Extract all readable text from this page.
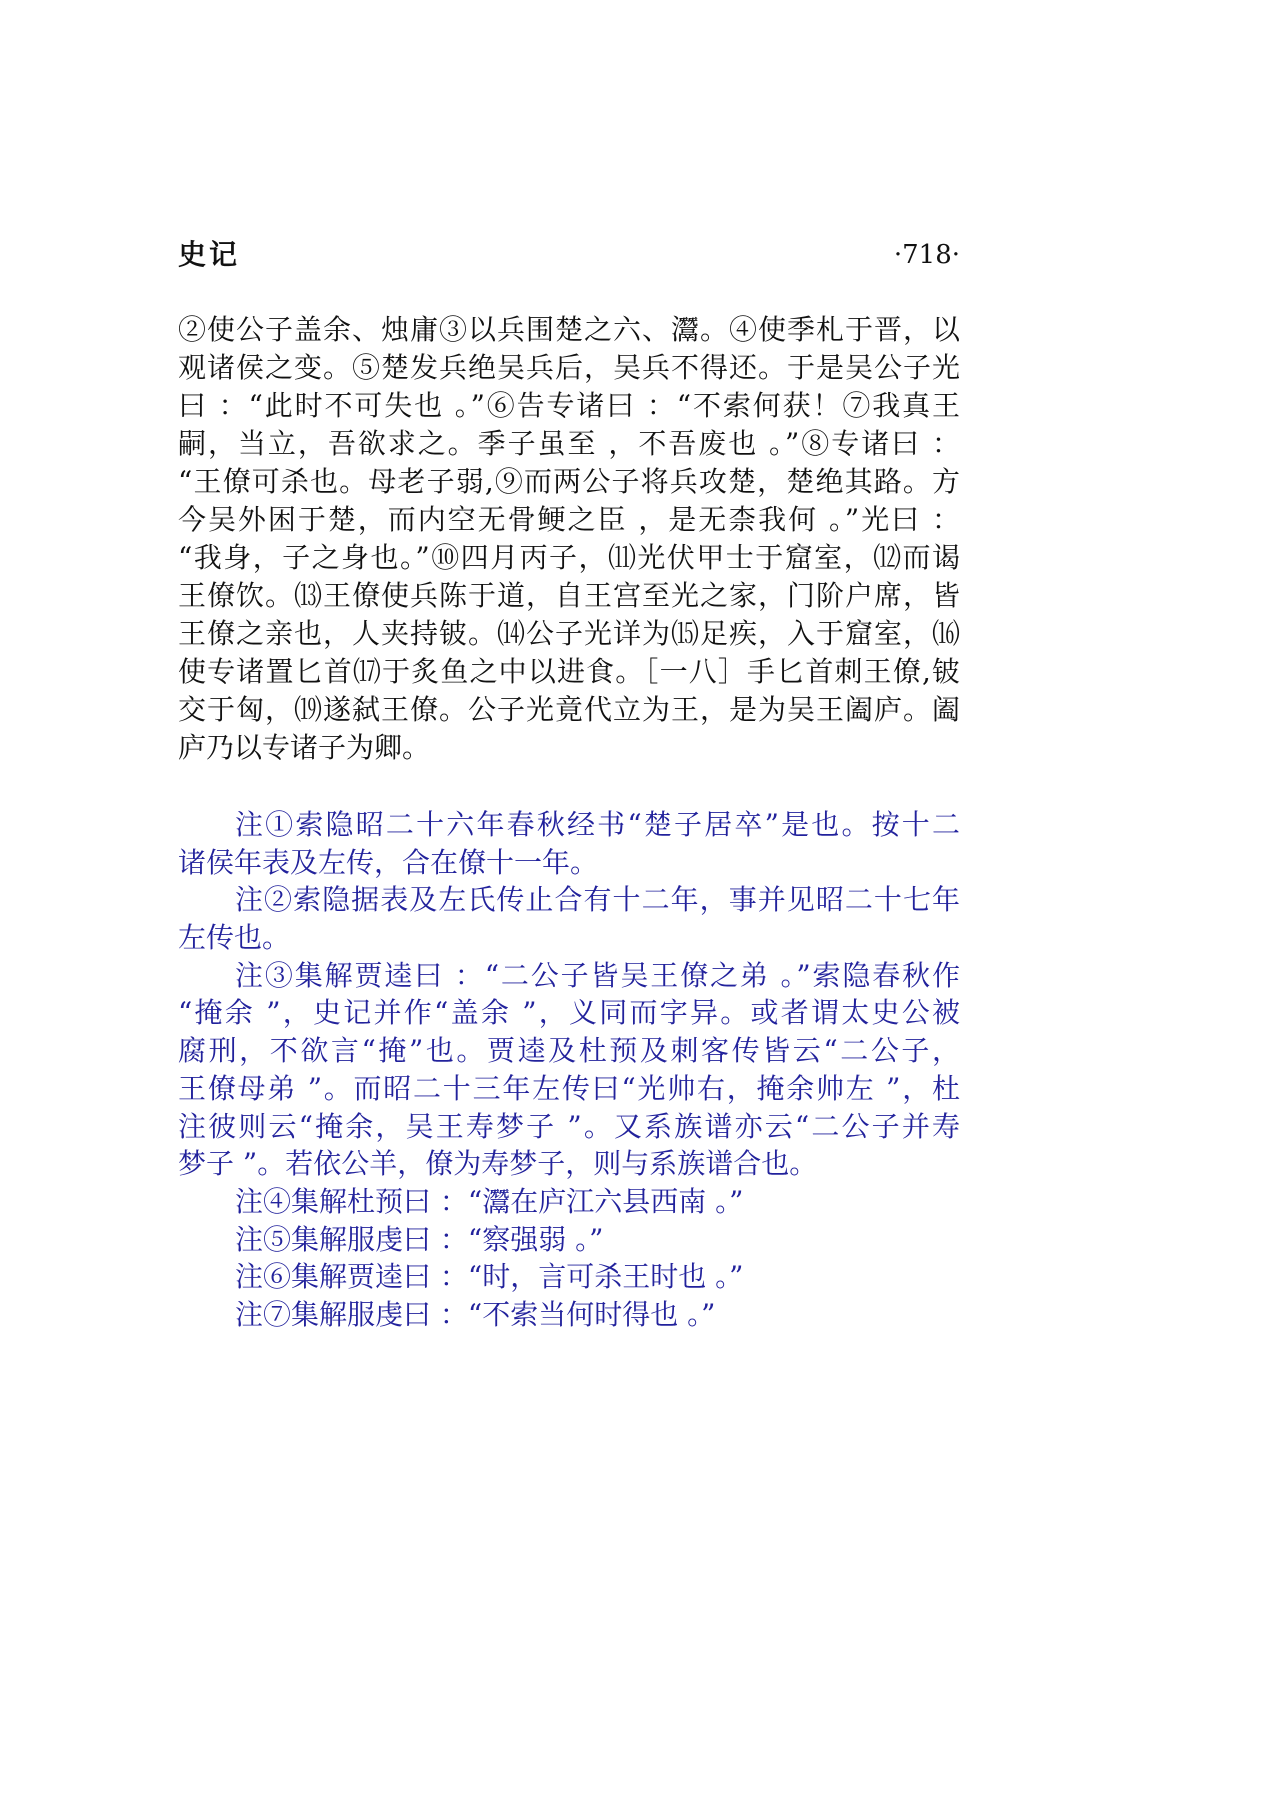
史记	·718·
②使公子盖余、烛庸③以兵围楚之六、灊。④使季札于晋，以
观诸侯之变。⑤楚发兵绝吴兵后，吴兵不得还。于是吴公子光
曰 ：“此时不可失也 。”⑥告专诸曰 ：“不索何获！⑦我真王
嗣，当立，吾欲求之。季子虽至 ，不吾废也 。”⑧专诸曰 ：
“王僚可杀也。母老子弱,⑨而两公子将兵攻楚，楚绝其路。方
今吴外困于楚，而内空无骨鲠之臣 ，是无柰我何 。”光曰 ：
“我身，子之身也。”⑩四月丙子，⑾光伏甲士于窟室，⑿而谒
王僚饮。⒀王僚使兵陈于道，自王宫至光之家，门阶户席，皆
王僚之亲也，人夹持铍。⒁公子光详为⒂足疾，入于窟室，⒃
使专诸置匕首⒄于炙鱼之中以进食。［一八］手匕首刺王僚,铍
交于匈，⒆遂弑王僚。公子光竟代立为王，是为吴王阖庐。阖
庐乃以专诸子为卿。
注①索隐昭二十六年春秋经书“楚子居卒”是也。按十二
诸侯年表及左传，合在僚十一年。
注②索隐据表及左氏传止合有十二年，事并见昭二十七年
左传也。
注③集解贾逵曰 ：“二公子皆吴王僚之弟 。”索隐春秋作
“掩余 ”，史记并作“盖余 ”，义同而字异。或者谓太史公被
腐刑，不欲言“掩”也。贾逵及杜预及刺客传皆云“二公子，
王僚母弟 ”。而昭二十三年左传曰“光帅右，掩余帅左 ”，杜
注彼则云“掩余，吴王寿梦子 ”。又系族谱亦云“二公子并寿
梦子 ”。若依公羊，僚为寿梦子，则与系族谱合也。
注④集解杜预曰 ：“灊在庐江六县西南 。”
注⑤集解服虔曰 ：“察强弱 。”
注⑥集解贾逵曰 ：“时，言可杀王时也 。”
注⑦集解服虔曰 ：“不索当何时得也 。”
